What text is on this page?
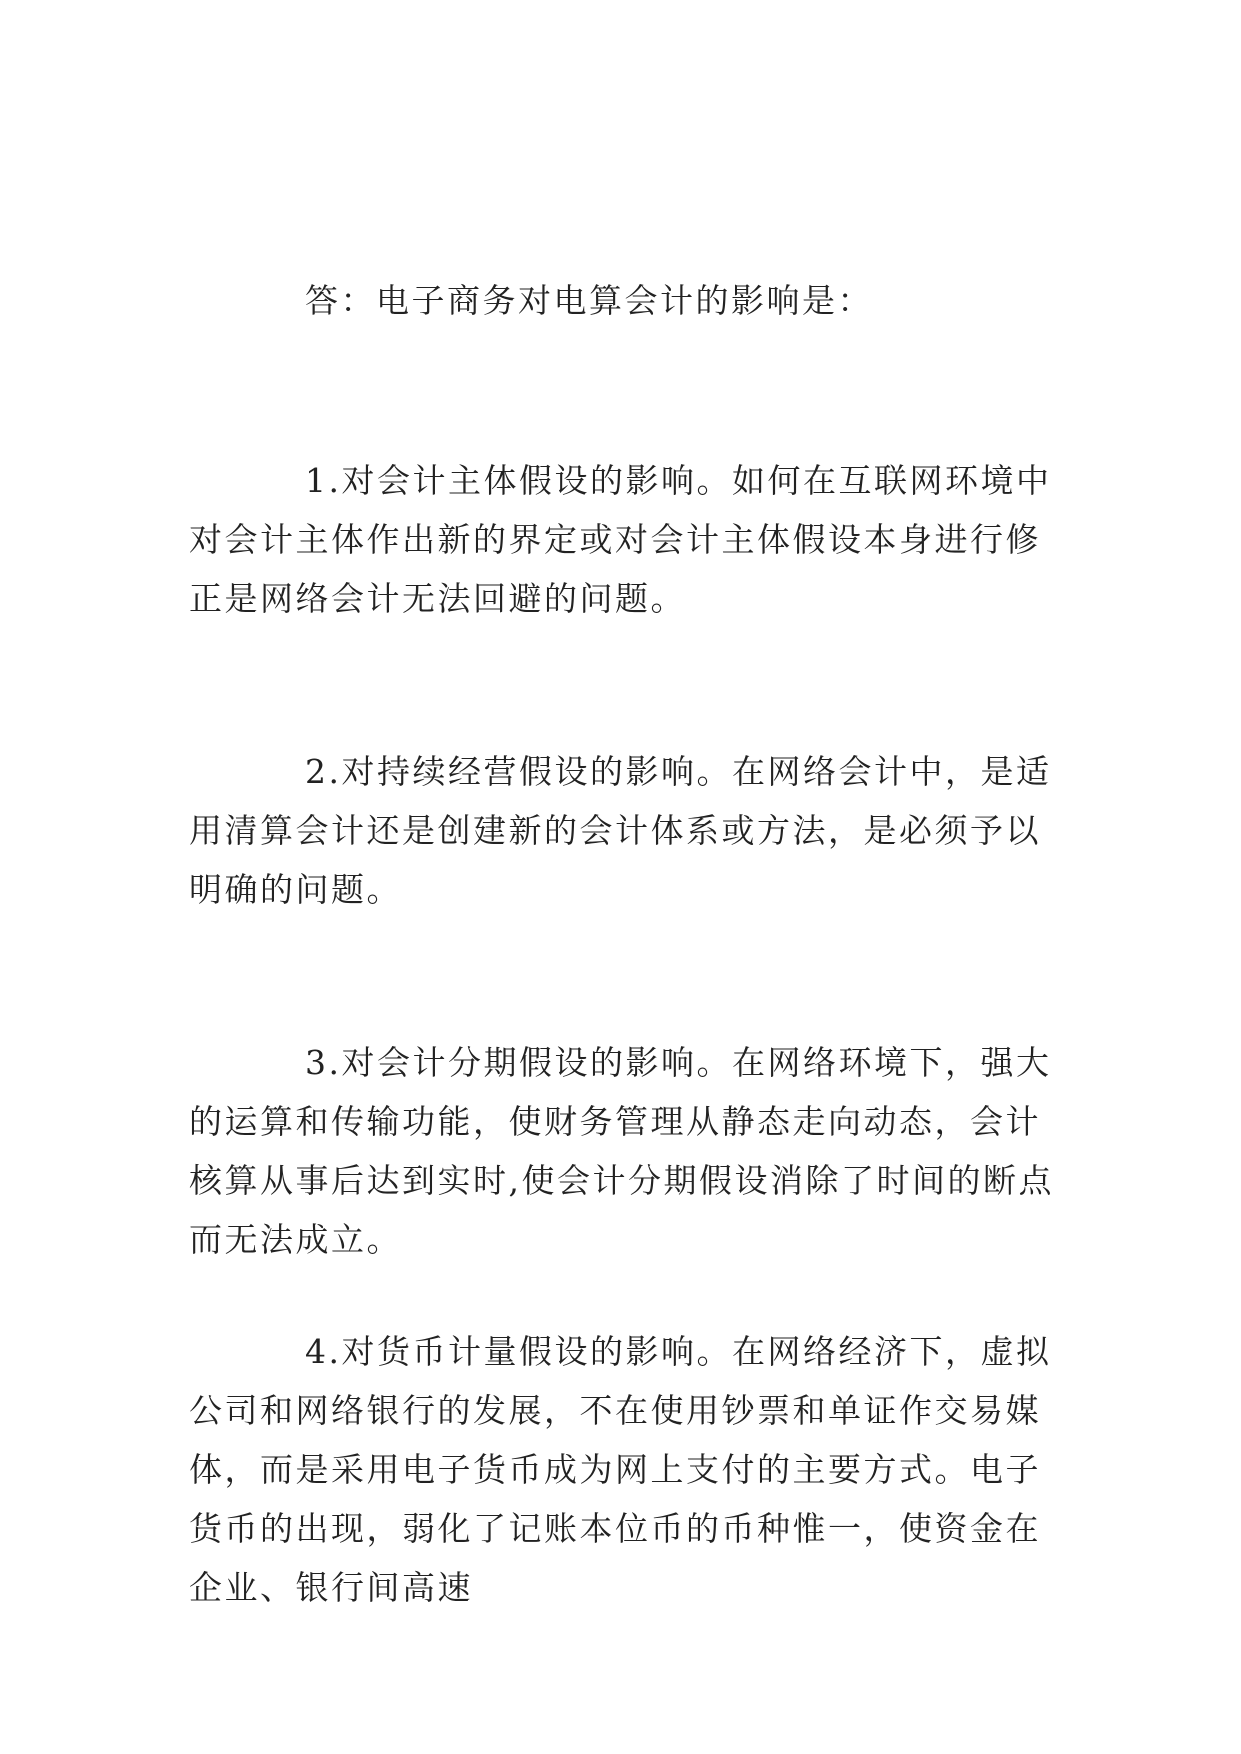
答：电子商务对电算会计的影响是：

1.对会计主体假设的影响。如何在互联网环境中对会计主体作出新的界定或对会计主体假设本身进行修正是网络会计无法回避的问题。

2.对持续经营假设的影响。在网络会计中，是适用清算会计还是创建新的会计体系或方法，是必须予以明确的问题。

3.对会计分期假设的影响。在网络环境下，强大的运算和传输功能，使财务管理从静态走向动态，会计核算从事后达到实时,使会计分期假设消除了时间的断点而无法成立。

4.对货币计量假设的影响。在网络经济下，虚拟公司和网络银行的发展，不在使用钞票和单证作交易媒体，而是采用电子货币成为网上支付的主要方式。电子货币的出现，弱化了记账本位币的币种惟一，使资金在企业、银行间高速
